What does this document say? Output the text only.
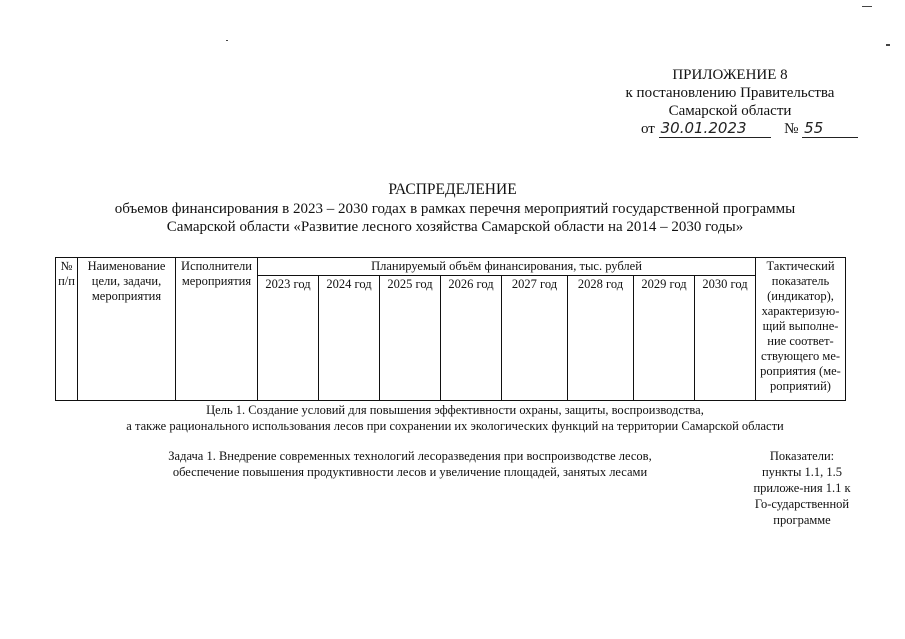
ПРИЛОЖЕНИЕ 8
к постановлению Правительства
Самарской области
от 30.01.2023	№ 55
РАСПРЕДЕЛЕНИЕ
объемов финансирования в 2023 – 2030 годах в рамках перечня мероприятий государственной программы
Самарской области «Развитие лесного хозяйства Самарской области на 2014 – 2030 годы»
№ п/п	Наименование цели, задачи, мероприятия	Исполнители мероприятия	Планируемый объём финансирования, тыс. рублей								Тактический показатель (индикатор), характеризую-щий выполне-ние соответ-ствующего ме-роприятия (ме-роприятий)
			2023 год	2024 год	2025 год	2026 год	2027 год	2028 год	2029 год	2030 год	
Цель 1. Создание условий для повышения эффективности охраны, защиты, воспроизводства,
а также рационального использования лесов при сохранении их экологических функций на территории Самарской области
Задача 1. Внедрение современных технологий лесоразведения при воспроизводстве лесов,
обеспечение повышения продуктивности лесов и увеличение площадей, занятых лесами
Показатели: пункты 1.1, 1.5 приложе-ния 1.1 к Го-сударственной программе
